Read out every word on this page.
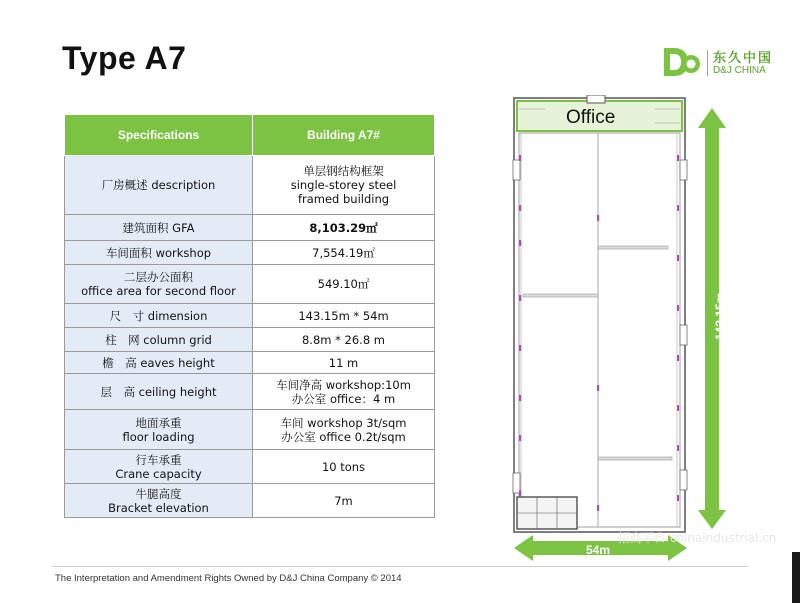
Type A7	东久中国
D&J CHINA
Specifications	Building A7#
厂房概述 description	单层钢结构框架
single-storey steel
framed building
建筑面积 GFA	8,103.29㎡
车间面积 workshop	7,554.19㎡
二层办公面积
office area for second floor	549.10㎡
尺　寸 dimension	143.15m * 54m
柱　网 column grid	8.8m * 26.8 m
檐　高 eaves height	11 m
层　高 ceiling height	车间净高 workshop:10m
办公室 office：4 m
地面承重
floor loading	车间 workshop 3t/sqm
办公室 office 0.2t/sqm
行车承重
Crane capacity	10 tons
牛腿高度
Bracket elevation	7m
Office
143.15m
54m
招商平台 chinaindustrial.cn
The Interpretation and Amendment Rights Owned by D&J China Company © 2014
